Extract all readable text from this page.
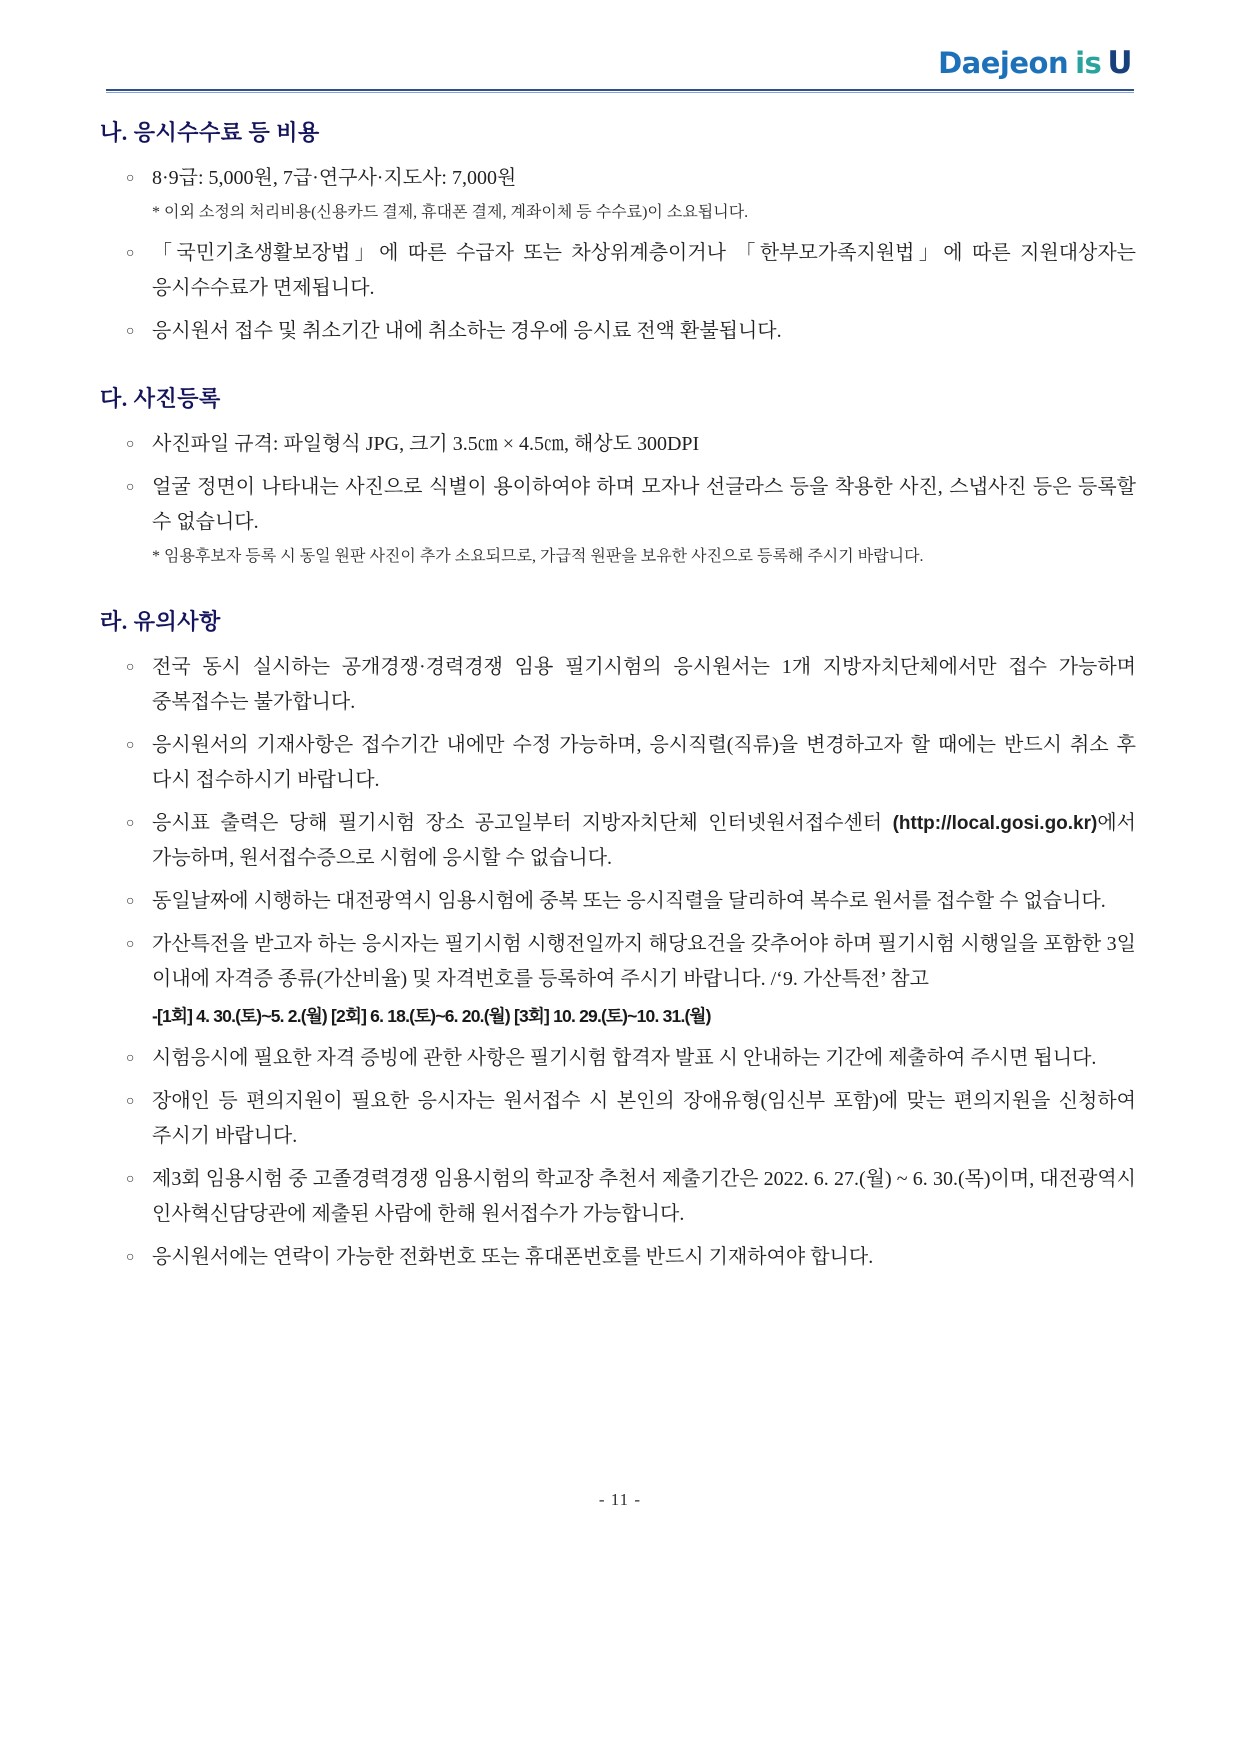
Daejeon is U
나. 응시수수료 등 비용
○ 8·9급: 5,000원, 7급·연구사·지도사: 7,000원
* 이외 소정의 처리비용(신용카드 결제, 휴대폰 결제, 계좌이체 등 수수료)이 소요됩니다.
○ 「국민기초생활보장법」에 따른 수급자 또는 차상위계층이거나 「한부모가족지원법」에 따른 지원대상자는 응시수수료가 면제됩니다.
○ 응시원서 접수 및 취소기간 내에 취소하는 경우에 응시료 전액 환불됩니다.
다. 사진등록
○ 사진파일 규격: 파일형식 JPG, 크기 3.5㎝ × 4.5㎝, 해상도 300DPI
○ 얼굴 정면이 나타내는 사진으로 식별이 용이하여야 하며 모자나 선글라스 등을 착용한 사진, 스냅사진 등은 등록할 수 없습니다.
* 임용후보자 등록 시 동일 원판 사진이 추가 소요되므로, 가급적 원판을 보유한 사진으로 등록해 주시기 바랍니다.
라. 유의사항
○ 전국 동시 실시하는 공개경쟁·경력경쟁 임용 필기시험의 응시원서는 1개 지방자치단체에서만 접수 가능하며 중복접수는 불가합니다.
○ 응시원서의 기재사항은 접수기간 내에만 수정 가능하며, 응시직렬(직류)을 변경하고자 할 때에는 반드시 취소 후 다시 접수하시기 바랍니다.
○ 응시표 출력은 당해 필기시험 장소 공고일부터 지방자치단체 인터넷원서접수센터 (http://local.gosi.go.kr)에서 가능하며, 원서접수증으로 시험에 응시할 수 없습니다.
○ 동일날짜에 시행하는 대전광역시 임용시험에 중복 또는 응시직렬을 달리하여 복수로 원서를 접수할 수 없습니다.
○ 가산특전을 받고자 하는 응시자는 필기시험 시행전일까지 해당요건을 갖추어야 하며 필기시험 시행일을 포함한 3일 이내에 자격증 종류(가산비율) 및 자격번호를 등록하여 주시기 바랍니다. /‘9. 가산특전’ 참고
-[1회] 4. 30.(토)~5. 2.(월) [2회] 6. 18.(토)~6. 20.(월) [3회] 10. 29.(토)~10. 31.(월)
○ 시험응시에 필요한 자격 증빙에 관한 사항은 필기시험 합격자 발표 시 안내하는 기간에 제출하여 주시면 됩니다.
○ 장애인 등 편의지원이 필요한 응시자는 원서접수 시 본인의 장애유형(임신부 포함)에 맞는 편의지원을 신청하여 주시기 바랍니다.
○ 제3회 임용시험 중 고졸경력경쟁 임용시험의 학교장 추천서 제출기간은 2022. 6. 27.(월) ~ 6. 30.(목)이며, 대전광역시 인사혁신담당관에 제출된 사람에 한해 원서접수가 가능합니다.
○ 응시원서에는 연락이 가능한 전화번호 또는 휴대폰번호를 반드시 기재하여야 합니다.
- 11 -
